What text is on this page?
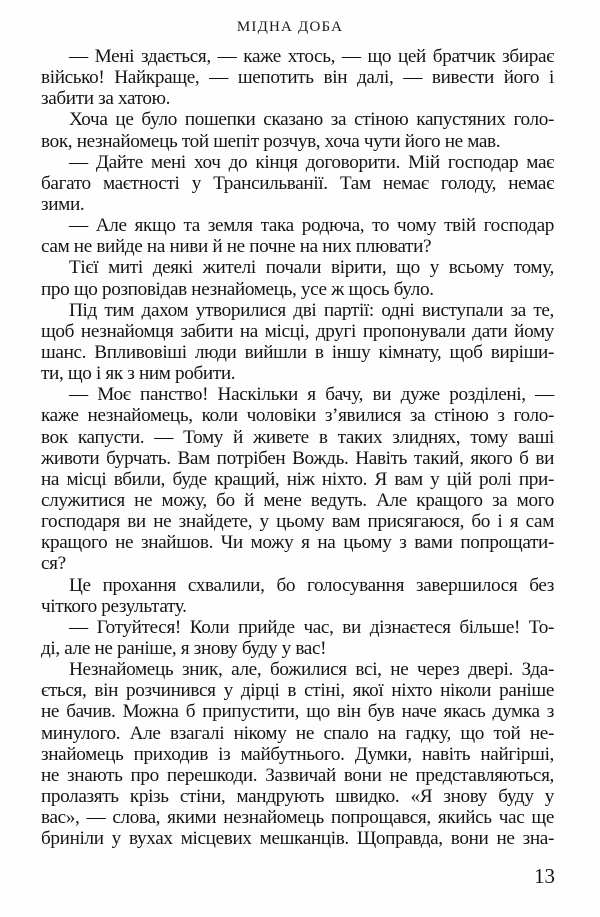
МІДНА ДОБА
— Мені здається, — каже хтось, — що цей братчик збирає
військо! Найкраще, — шепотить він далі, — вивести його і
забити за хатою.
Хоча це було пошепки сказано за стіною капустяних голо-
вок, незнайомець той шепіт розчув, хоча чути його не мав.
— Дайте мені хоч до кінця договорити. Мій господар має
багато маєтності у Трансильванії. Там немає голоду, немає
зими.
— Але якщо та земля така родюча, то чому твій господар
сам не вийде на ниви й не почне на них плювати?
Тієї миті деякі жителі почали вірити, що у всьому тому,
про що розповідав незнайомець, усе ж щось було.
Під тим дахом утворилися дві партії: одні виступали за те,
щоб незнайомця забити на місці, другі пропонували дати йому
шанс. Впливовіші люди вийшли в іншу кімнату, щоб виріши-
ти, що і як з ним робити.
— Моє панство! Наскільки я бачу, ви дуже розділені, —
каже незнайомець, коли чоловіки з’явилися за стіною з голо-
вок капусти. — Тому й живете в таких злиднях, тому ваші
животи бурчать. Вам потрібен Вождь. Навіть такий, якого б ви
на місці вбили, буде кращий, ніж ніхто. Я вам у цій ролі при-
служитися не можу, бо й мене ведуть. Але кращого за мого
господаря ви не знайдете, у цьому вам присягаюся, бо і я сам
кращого не знайшов. Чи можу я на цьому з вами попрощати-
ся?
Це прохання схвалили, бо голосування завершилося без
чіткого результату.
— Готуйтеся! Коли прийде час, ви дізнаєтеся більше! То-
ді, але не раніше, я знову буду у вас!
Незнайомець зник, але, божилися всі, не через двері. Зда-
ється, він розчинився у дірці в стіні, якої ніхто ніколи раніше
не бачив. Можна б припустити, що він був наче якась думка з
минулого. Але взагалі нікому не спало на гадку, що той не-
знайомець приходив із майбутнього. Думки, навіть найгірші,
не знають про перешкоди. Зазвичай вони не представляються,
пролазять крізь стіни, мандрують швидко. «Я знову буду у
вас», — слова, якими незнайомець попрощався, якийсь час ще
бриніли у вухах місцевих мешканців. Щоправда, вони не зна-
13
